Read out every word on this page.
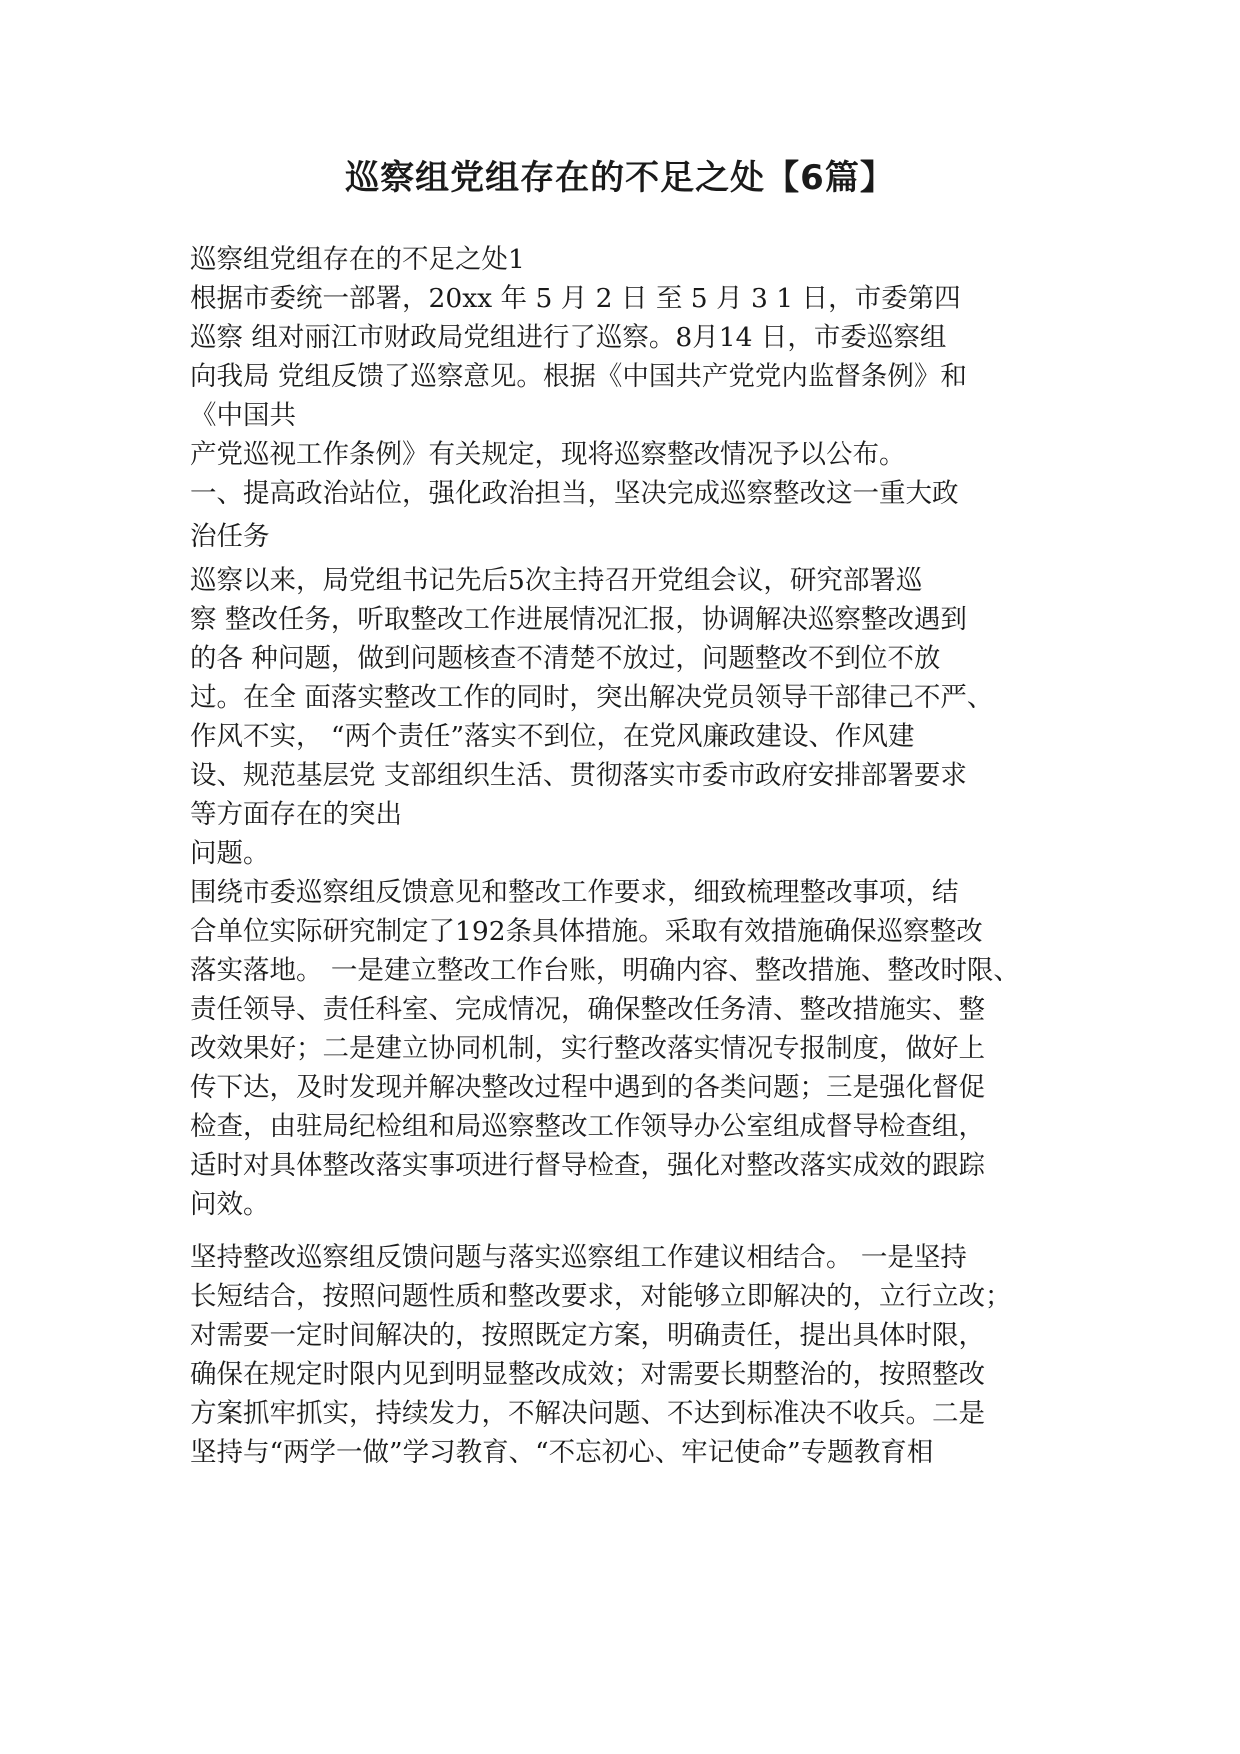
巡察组党组存在的不足之处【6篇】
巡察组党组存在的不足之处1
根据市委统一部署，20xx 年 5 月 2 日 至 5 月 3 1 日，市委第四
巡察 组对丽江市财政局党组进行了巡察。8月14 日，市委巡察组
向我局 党组反馈了巡察意见。根据《中国共产党党内监督条例》和
《中国共
产党巡视工作条例》有关规定，现将巡察整改情况予以公布。
一、提高政治站位，强化政治担当，坚决完成巡察整改这一重大政
治任务
巡察以来，局党组书记先后5次主持召开党组会议，研究部署巡
察 整改任务，听取整改工作进展情况汇报，协调解决巡察整改遇到
的各 种问题，做到问题核查不清楚不放过，问题整改不到位不放
过。在全 面落实整改工作的同时，突出解决党员领导干部律己不严、
作风不实， “两个责任”落实不到位，在党风廉政建设、作风建
设、规范基层党 支部组织生活、贯彻落实市委市政府安排部署要求
等方面存在的突出
问题。
围绕市委巡察组反馈意见和整改工作要求，细致梳理整改事项，结
合单位实际研究制定了192条具体措施。采取有效措施确保巡察整改
落实落地。 一是建立整改工作台账，明确内容、整改措施、整改时限、
责任领导、责任科室、完成情况，确保整改任务清、整改措施实、整
改效果好；二是建立协同机制，实行整改落实情况专报制度，做好上
传下达，及时发现并解决整改过程中遇到的各类问题；三是强化督促
检查，由驻局纪检组和局巡察整改工作领导办公室组成督导检查组，
适时对具体整改落实事项进行督导检查，强化对整改落实成效的跟踪
问效。
坚持整改巡察组反馈问题与落实巡察组工作建议相结合。 一是坚持
长短结合，按照问题性质和整改要求，对能够立即解决的，立行立改；
对需要一定时间解决的，按照既定方案，明确责任，提出具体时限，
确保在规定时限内见到明显整改成效；对需要长期整治的，按照整改
方案抓牢抓实，持续发力，不解决问题、不达到标准决不收兵。二是
坚持与“两学一做”学习教育、“不忘初心、牢记使命”专题教育相
